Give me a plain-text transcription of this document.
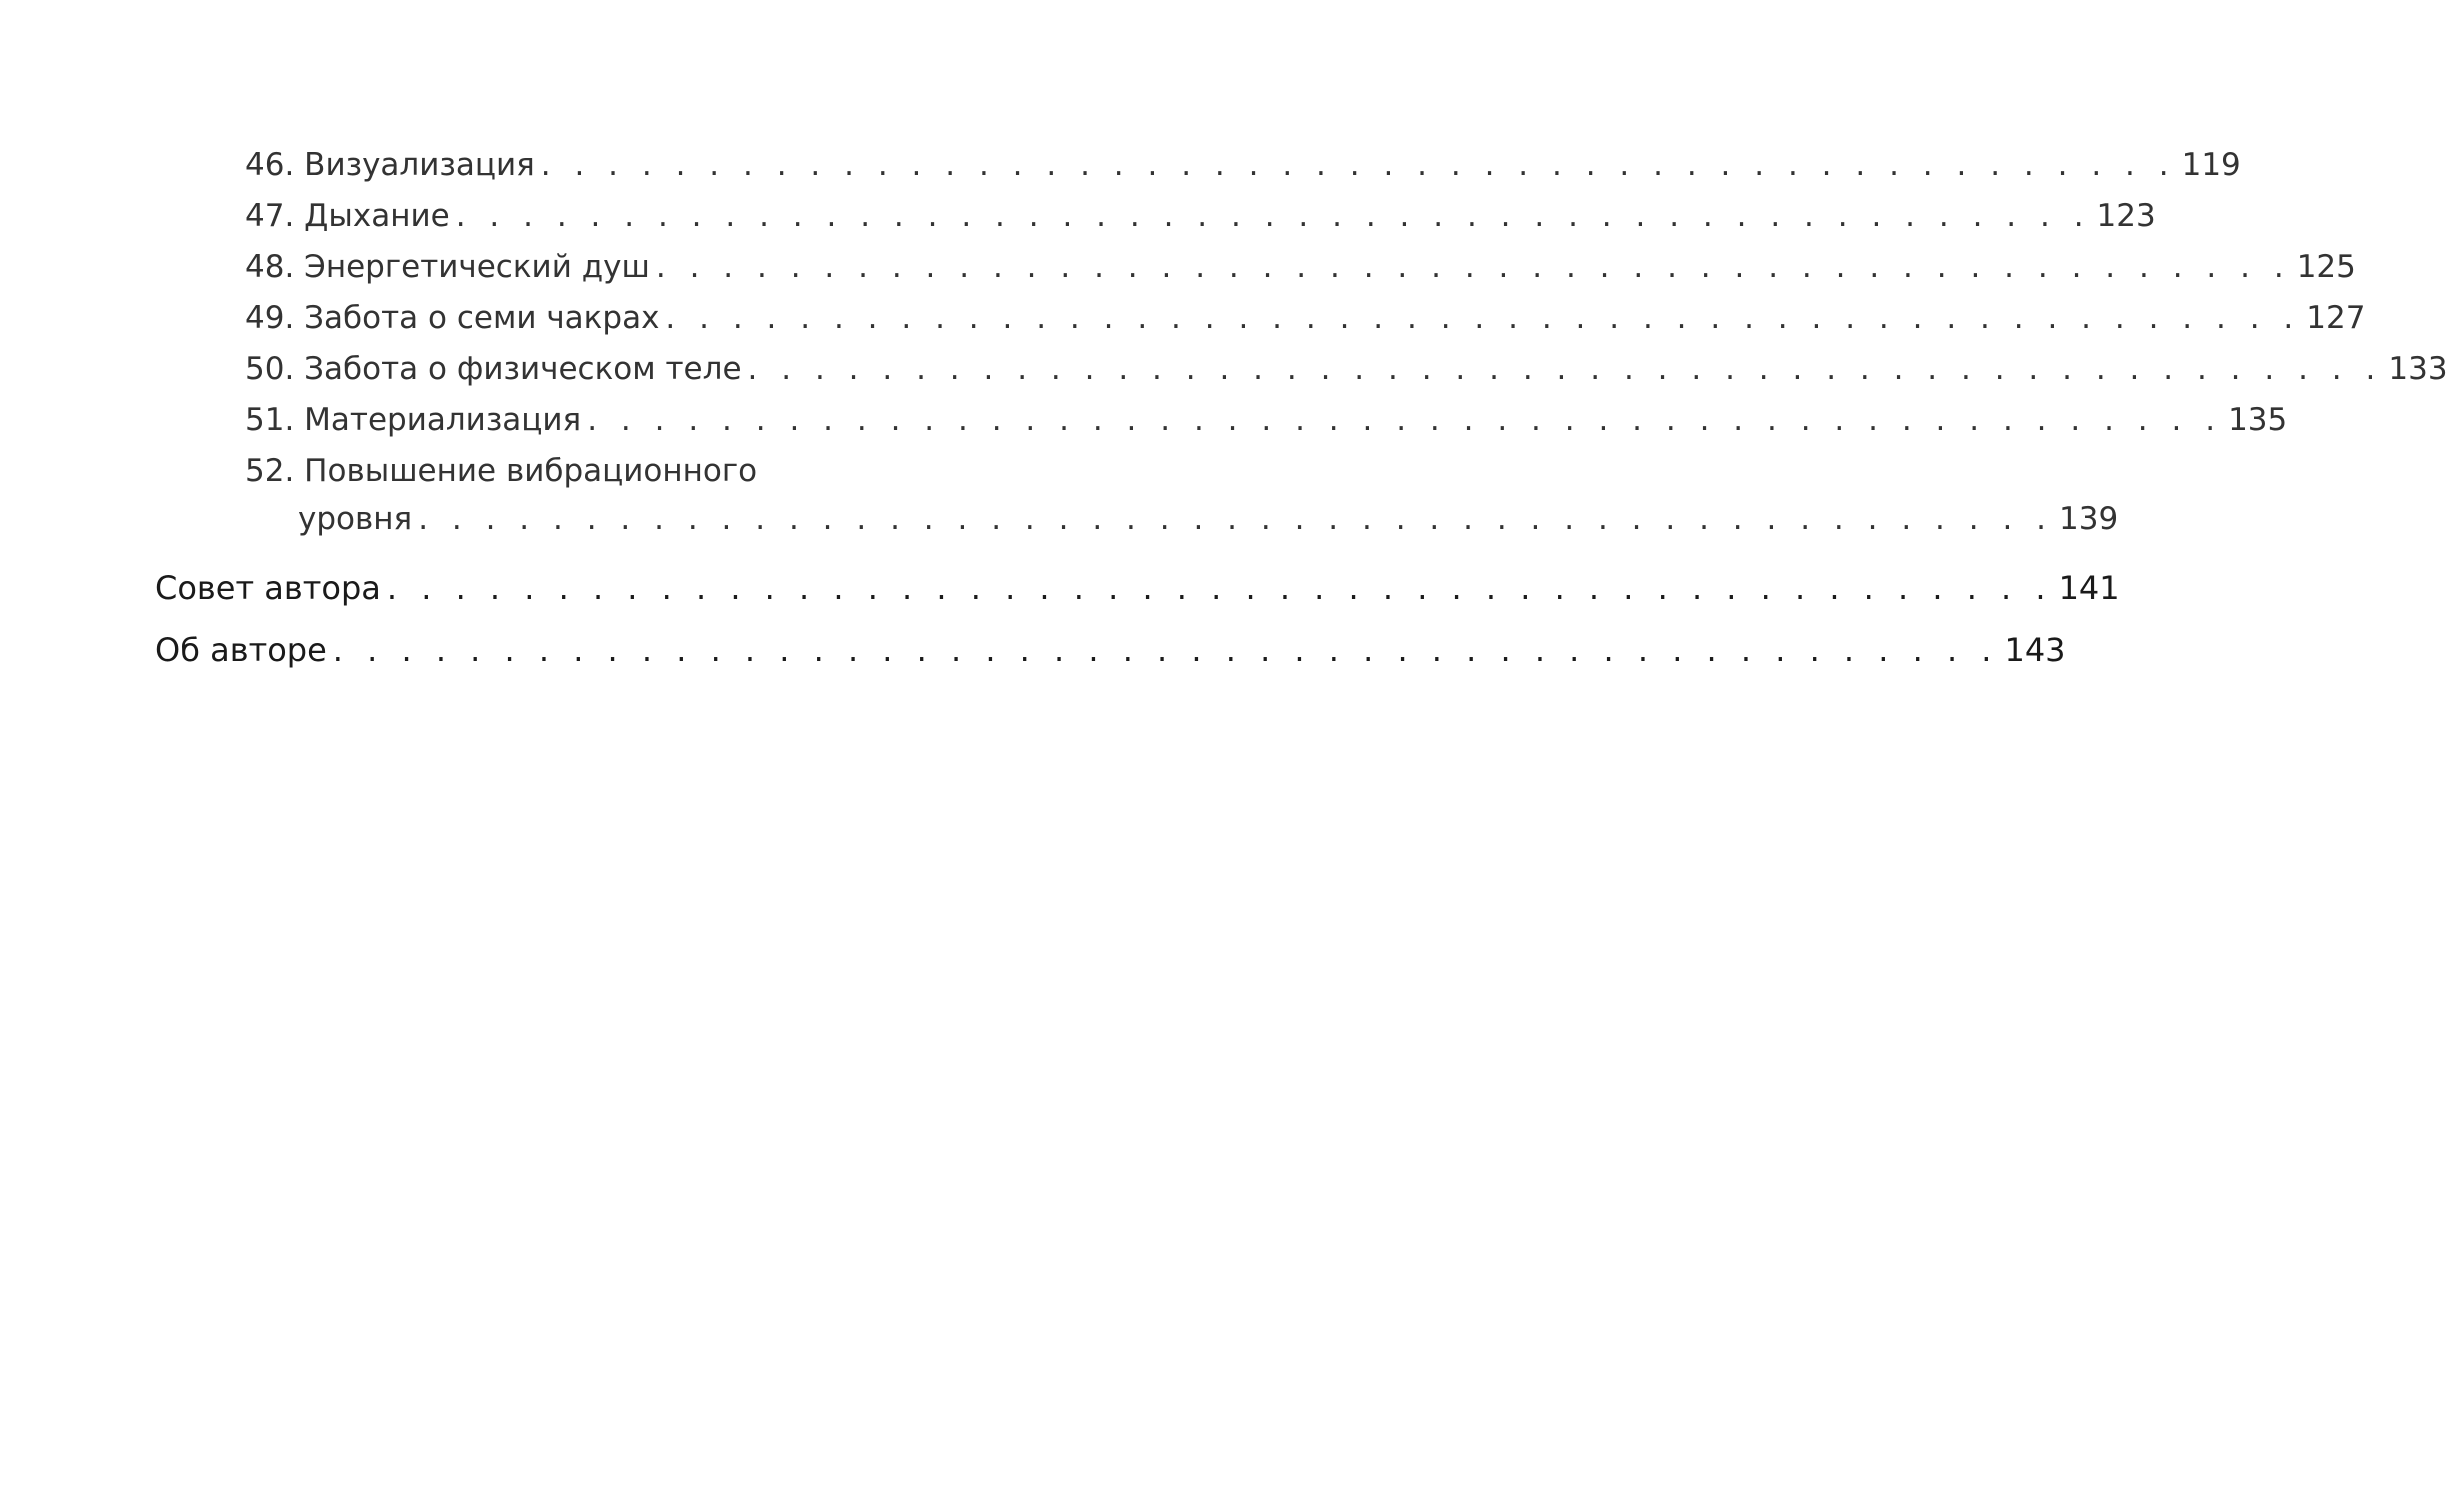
46. Визуализация . . . . . . . . . . . . . . . . . . . . . . . . . . . . . . . . . . . . . . . . . . . . . . . . . 119
47. Дыхание . . . . . . . . . . . . . . . . . . . . . . . . . . . . . . . . . . . . . . . . . . . . . . . . . 123
48. Энергетический душ . . . . . . . . . . . . . . . . . . . . . . . . . . . . . . . . . . . . . . . . . . . . . . . . . 125
49. Забота о семи чакрах . . . . . . . . . . . . . . . . . . . . . . . . . . . . . . . . . . . . . . . . . . . . . . . . . 127
50. Забота о физическом теле . . . . . . . . . . . . . . . . . . . . . . . . . . . . . . . . . . . . . . . . . . . . . . . . . 133
51. Материализация . . . . . . . . . . . . . . . . . . . . . . . . . . . . . . . . . . . . . . . . . . . . . . . . . 135
52. Повышение вибрационного
уровня . . . . . . . . . . . . . . . . . . . . . . . . . . . . . . . . . . . . . . . . . . . . . . . . . 139
Совет автора . . . . . . . . . . . . . . . . . . . . . . . . . . . . . . . . . . . . . . . . . . . . . . . . . 141
Об авторе . . . . . . . . . . . . . . . . . . . . . . . . . . . . . . . . . . . . . . . . . . . . . . . . . 143
